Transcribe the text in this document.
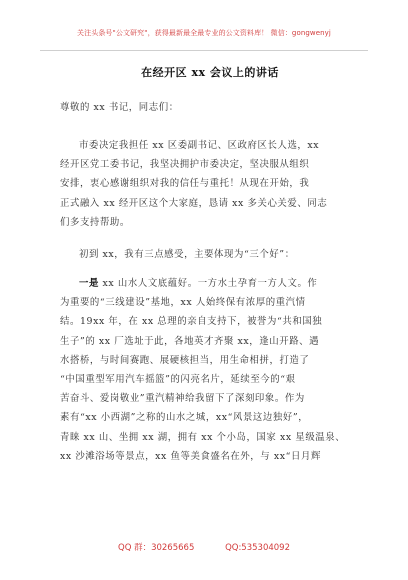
关注头条号"公文研究"，获得最新最全最专业的公文资料库！ 微信：gongwenyj
在经开区 xx 会议上的讲话
尊敬的 xx 书记，同志们：
市委决定我担任 xx 区委副书记、区政府区长人选，xx
经开区党工委书记，我坚决拥护市委决定，坚决服从组织
安排，衷心感谢组织对我的信任与重托！从现在开始，我
正式融入 xx 经开区这个大家庭，恳请 xx 多关心关爱、同志
们多支持帮助。
初到 xx，我有三点感受，主要体现为“三个好”：
一是 xx 山水人文底蕴好。一方水土孕育一方人文。作
为重要的“三线建设”基地，xx 人始终保有浓厚的重汽情
结。19xx 年，在 xx 总理的亲自支持下，被誉为“共和国独
生子”的 xx 厂选址于此，各地英才齐聚 xx，逢山开路、遇
水搭桥，与时间赛跑、展硬核担当，用生命相拼，打造了
“中国重型军用汽车摇篮”的闪亮名片，延续至今的“艰
苦奋斗、爱岗敬业”重汽精神给我留下了深刻印象。作为
素有“xx 小西湖”之称的山水之城，xx“风景这边独好”，
青睐 xx 山、坐拥 xx 湖，拥有 xx 个小岛，国家 xx 星级温泉、
xx 沙滩浴场等景点，xx 鱼等美食盛名在外，与 xx“日月辉
QQ 群：30265665	QQ:535304092
